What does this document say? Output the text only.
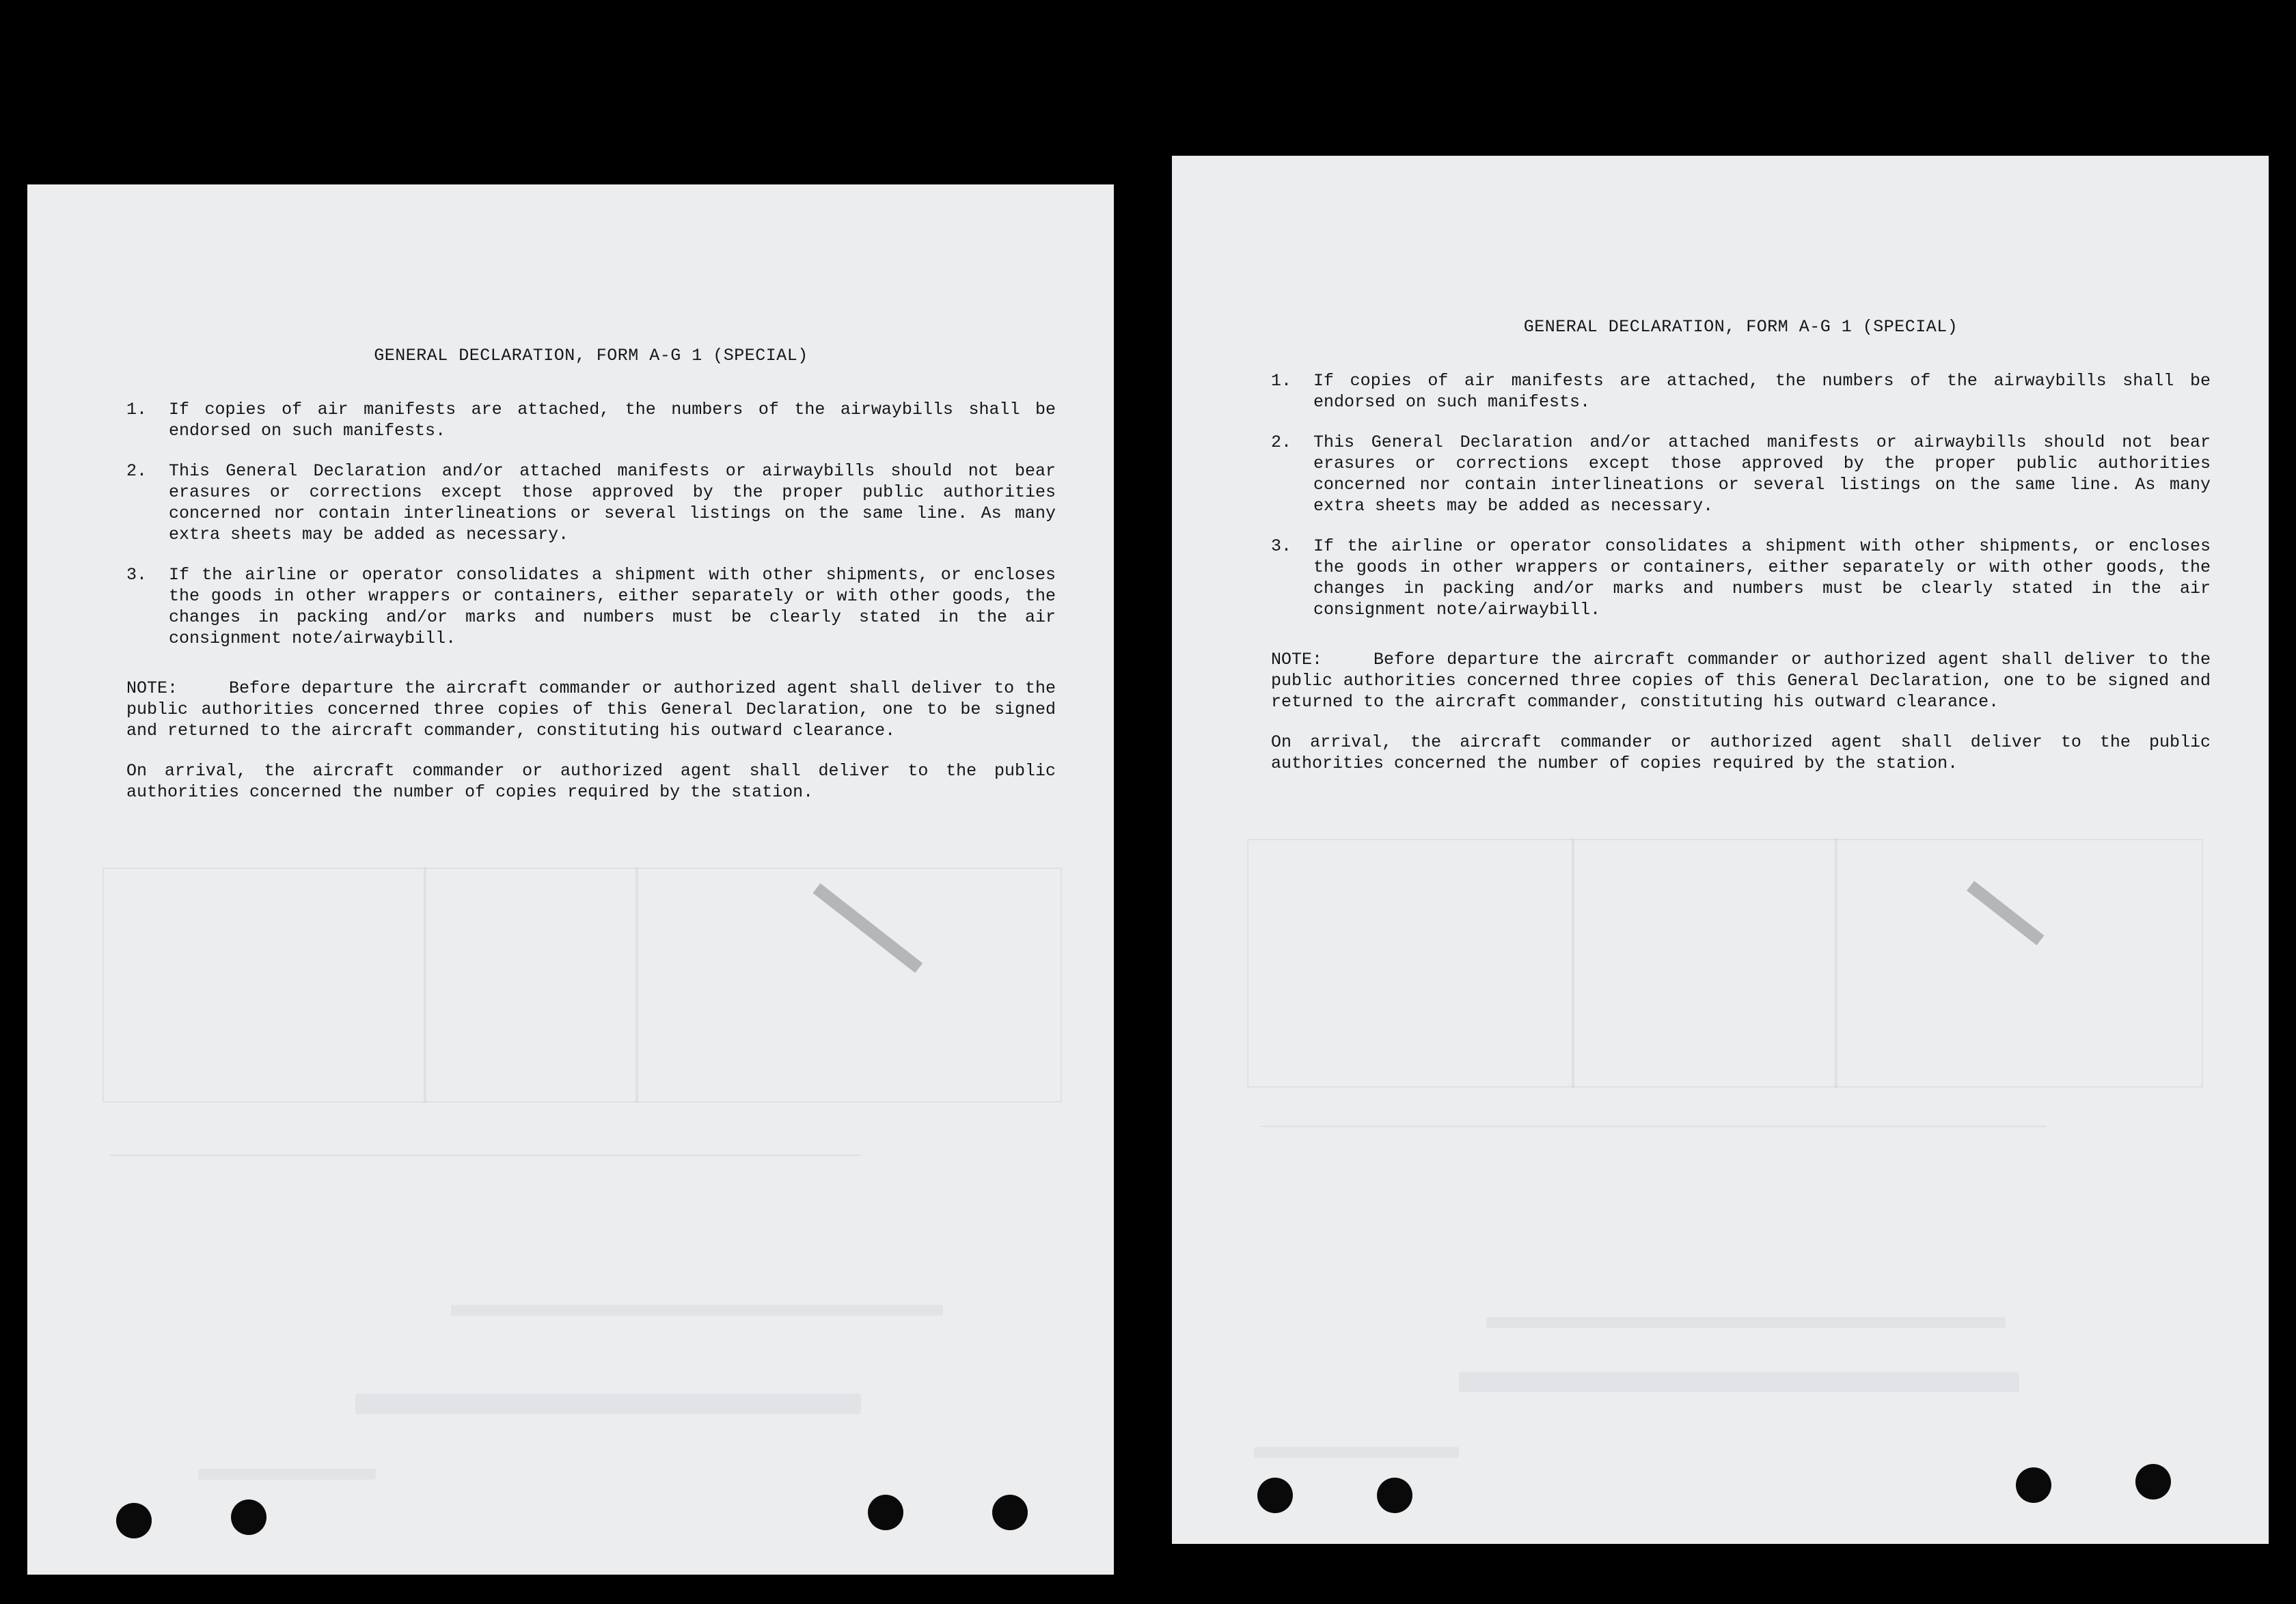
GENERAL DECLARATION, FORM A-G 1 (SPECIAL)
1.	If copies of air manifests are attached, the numbers of the airwaybills shall be endorsed on such manifests.
2.	This General Declaration and/or attached manifests or airwaybills should not bear erasures or corrections except those approved by the proper public authorities concerned nor contain interlineations or several listings on the same line. As many extra sheets may be added as necessary.
3.	If the airline or operator consolidates a shipment with other shipments, or encloses the goods in other wrappers or containers, either separately or with other goods, the changes in packing and/or marks and numbers must be clearly stated in the air consignment note/airwaybill.
NOTE:	Before departure the aircraft commander or authorized agent shall deliver to the public authorities concerned three copies of this General Declaration, one to be signed and returned to the aircraft commander, constituting his outward clearance.
On arrival, the aircraft commander or authorized agent shall deliver to the public authorities concerned the number of copies required by the station.
GENERAL DECLARATION, FORM A-G 1 (SPECIAL)
1.	If copies of air manifests are attached, the numbers of the airwaybills shall be endorsed on such manifests.
2.	This General Declaration and/or attached manifests or airwaybills should not bear erasures or corrections except those approved by the proper public authorities concerned nor contain interlineations or several listings on the same line. As many extra sheets may be added as necessary.
3.	If the airline or operator consolidates a shipment with other shipments, or encloses the goods in other wrappers or containers, either separately or with other goods, the changes in packing and/or marks and numbers must be clearly stated in the air consignment note/airwaybill.
NOTE:	Before departure the aircraft commander or authorized agent shall deliver to the public authorities concerned three copies of this General Declaration, one to be signed and returned to the aircraft commander, constituting his outward clearance.
On arrival, the aircraft commander or authorized agent shall deliver to the public authorities concerned the number of copies required by the station.
